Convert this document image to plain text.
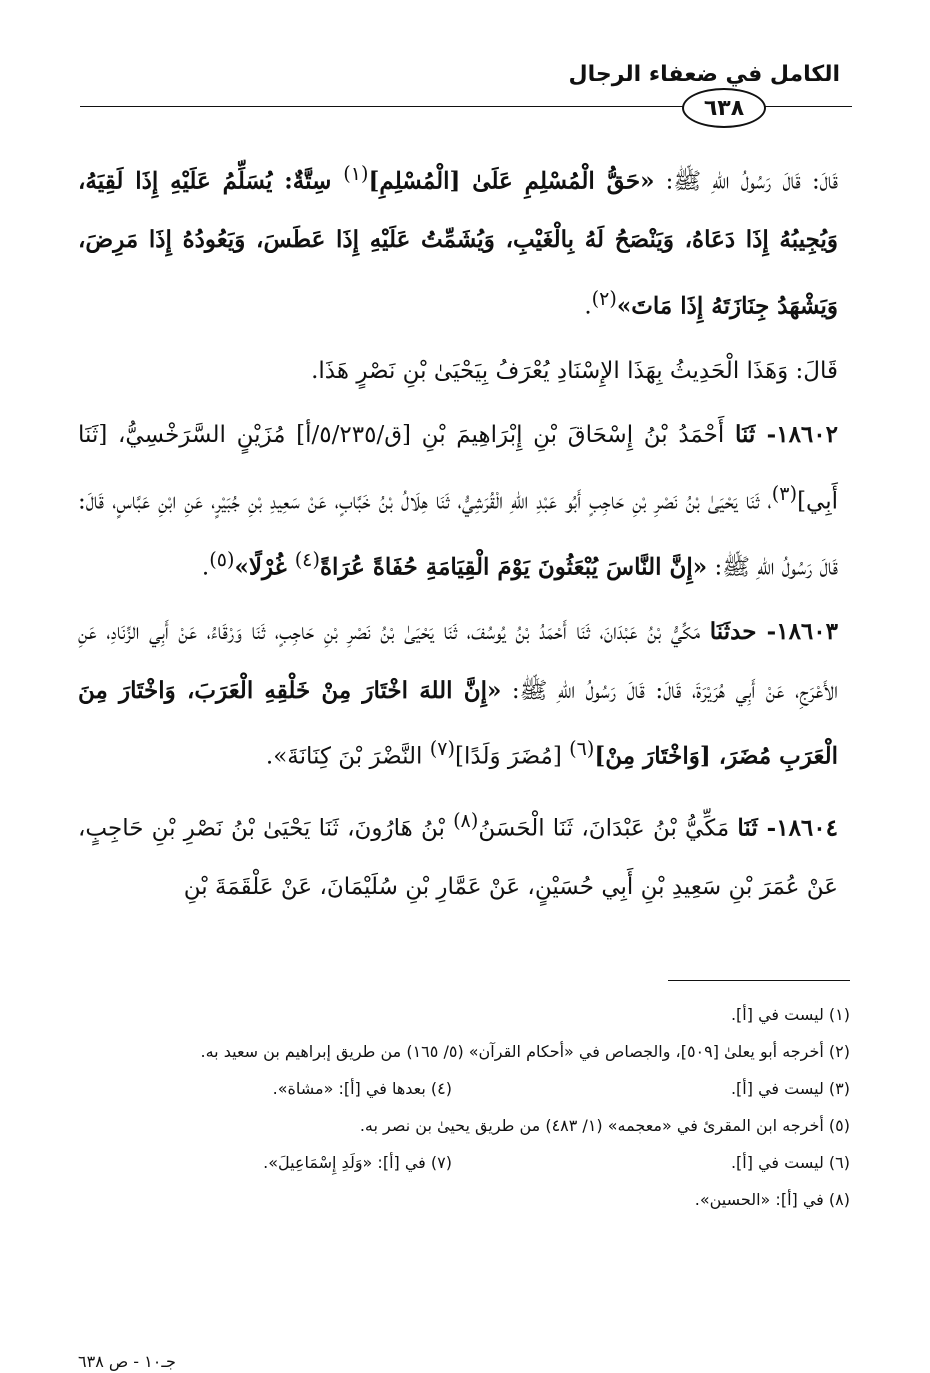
الكامل في ضعفاء الرجال
٦٣٨

قَالَ: قَالَ رَسُولُ اللهِ ﷺ: «حَقُّ الْمُسْلِمِ عَلَىٰ [الْمُسْلِمِ]$^{(١)}$ سِتَّةٌ: يُسَلِّمُ عَلَيْهِ إِذَا لَقِيَهُ، وَيُجِيبُهُ إِذَا دَعَاهُ، وَيَنْصَحُ لَهُ بِالْغَيْبِ، وَيُشَمِّتُ عَلَيْهِ إِذَا عَطَسَ، وَيَعُودُهُ إِذَا مَرِضَ، وَيَشْهَدُ جِنَازَتَهُ إِذَا مَاتَ»$^{(٢)}$.

قَالَ: وَهَذَا الْحَدِيثُ بِهَذَا الإِسْنَادِ يُعْرَفُ بِيَحْيَىٰ بْنِ نَصْرٍ هَذَا.

١٨٦٠٢- ثَنَا أَحْمَدُ بْنُ إِسْحَاقَ بْنِ إِبْرَاهِيمَ بْنِ [ق/٥/٢٣٥/أ] مُزَيْنٍ السَّرَخْسِيُّ، [ثَنَا أَبِي]$^{(٣)}$، ثَنَا يَحْيَىٰ بْنُ نَصْرِ بْنِ حَاجِبٍ أَبُو عَبْدِ اللهِ الْقُرَشِيُّ، ثَنَا هِلَالُ بْنُ خَبَّابٍ، عَنْ سَعِيدِ بْنِ جُبَيْرٍ، عَنِ ابْنِ عَبَّاسٍ، قَالَ: قَالَ رَسُولُ اللهِ ﷺ: «إِنَّ النَّاسَ يُبْعَثُونَ يَوْمَ الْقِيَامَةِ حُفَاةً عُرَاةً$^{(٤)}$ غُرْلًا»$^{(٥)}$.

١٨٦٠٣- حدثَنَا مَكِّيُّ بْنُ عَبْدَانَ، ثَنَا أَحْمَدُ بْنُ يُوسُفَ، ثَنَا يَحْيَىٰ بْنُ نَصْرِ بْنِ حَاجِبٍ، ثَنَا وَرْقَاءُ، عَنْ أَبِي الزِّنَادِ، عَنِ الأَعْرَجِ، عَنْ أَبِي هُرَيْرَةَ، قَالَ: قَالَ رَسُولُ اللهِ ﷺ: «إِنَّ اللهَ اخْتَارَ مِنْ خَلْقِهِ الْعَرَبَ، وَاخْتَارَ مِنَ الْعَرَبِ مُضَرَ، [وَاخْتَارَ مِنْ]$^{(٦)}$ [مُضَرَ وَلَدًا]$^{(٧)}$ النَّضْرَ بْنَ كِنَانَةَ».

١٨٦٠٤- ثَنَا مَكِّيُّ بْنُ عَبْدَانَ، ثَنَا الْحَسَنُ$^{(٨)}$ بْنُ هَارُونَ، ثَنَا يَحْيَىٰ بْنُ نَصْرِ بْنِ حَاجِبٍ، عَنْ عُمَرَ بْنِ سَعِيدِ بْنِ أَبِي حُسَيْنٍ، عَنْ عَمَّارِ بْنِ سُلَيْمَانَ، عَنْ عَلْقَمَةَ بْنِ

(١) ليست في [أ].
(٢) أخرجه أبو يعلىٰ [٥٠٩]، والجصاص في «أحكام القرآن» (٥/ ١٦٥) من طريق إبراهيم بن سعيد به.
(٣) ليست في [أ].
(٤) بعدها في [أ]: «مشاة».
(٥) أخرجه ابن المقرئ في «معجمه» (١/ ٤٨٣) من طريق يحيىٰ بن نصر به.
(٦) ليست في [أ].
(٧) في [أ]: «وَلَدِ إِسْمَاعِيلَ».
(٨) في [أ]: «الحسين».
جـ١٠ - ص ٦٣٨
